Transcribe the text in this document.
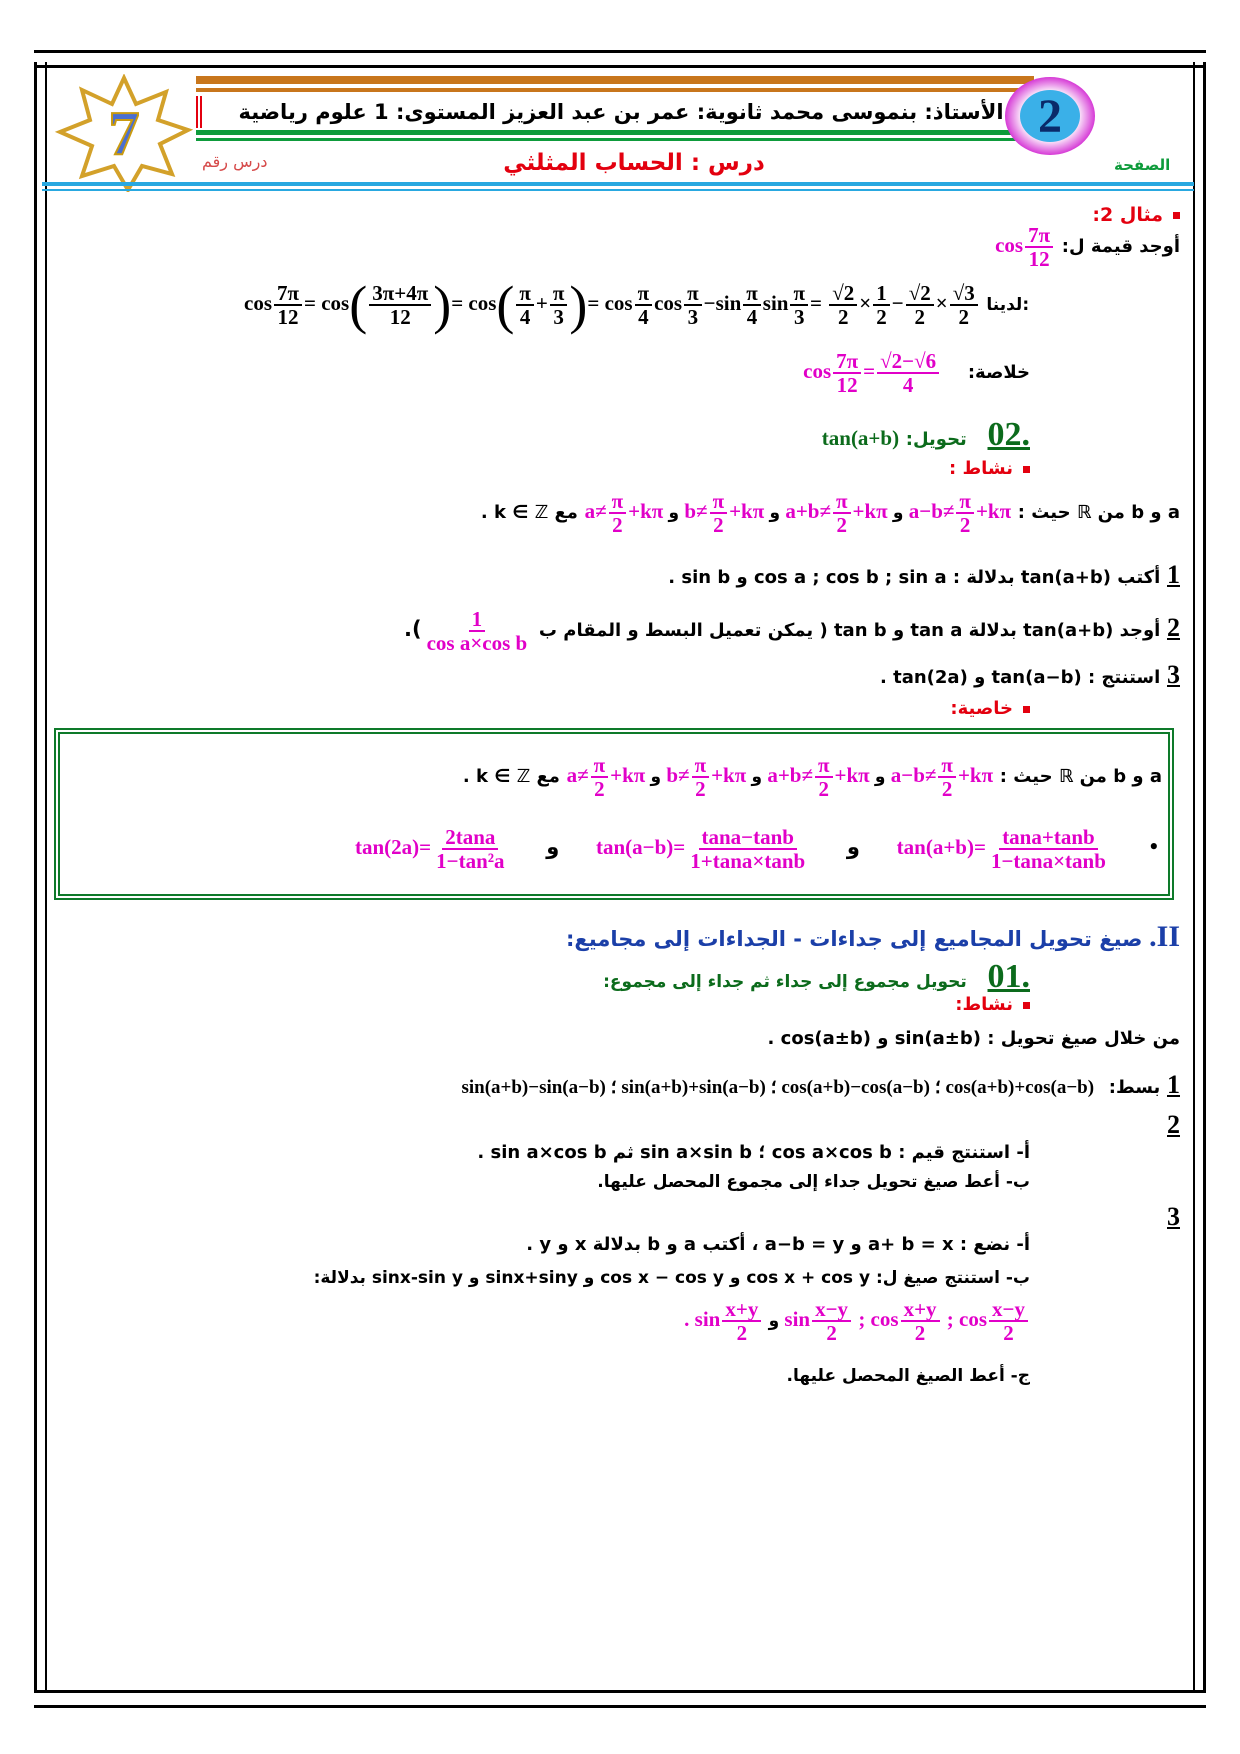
7	الأستاذ: بنموسى محمد ثانوية: عمر بن عبد العزيز المستوى: 1 علوم رياضية 2
الصفحة
درس رقم	درس : الحساب المثلثي
مثال 2:
أوجد قيمة ل: $\cos \frac{7\pi}{12}$
$\cos \frac{7\pi}{12} = \cos( \frac{3\pi+4\pi}{12}$ )= $\cos( \frac{\pi}{4} + \frac{\pi}{3}$ )= $\cos \frac{\pi}{4}$ $\cos \frac{\pi}{3} -\sin \frac{\pi}{4}$ $\sin \frac{\pi}{3} = \frac{√2}{2} \times \frac{1}{2} - \frac{√2}{2} \times \frac{√3}{2}$ لدينا:
خلاصة: $\cos \frac{7\pi}{12} = \frac{√2-√6}{4}$
.02 تحويل: tan(a+b)
نشاط :
a و b من ℝ حيث : $a\ne \frac{\pi}{2} +k\pi$ و $b\ne \frac{\pi}{2} +k\pi$ و $a+b\ne \frac{\pi}{2} +k\pi$ و $a-b\ne \frac{\pi}{2} +k\pi$ مع k ∈ ℤ .
1 أكتب tan(a+b) بدلالة : cos a ; cos b ; sin a و sin b .
2 أوجد tan(a+b) بدلالة tan a و tan b ( يمكن تعميل البسط و المقام ب
$\frac{1}{\text{cos a×cos b}}$
).
3 استنتج : tan(a−b) و tan(2a) .
خاصية:
a و b من ℝ حيث : $a\ne \frac{\pi}{2} +k\pi$ و $b\ne \frac{\pi}{2} +k\pi$ و $a+b\ne \frac{\pi}{2} +k\pi$ و $a-b\ne \frac{\pi}{2} +k\pi$ مع k ∈ ℤ .
$\tan(2a)= \frac{2\tan a}{\text{1−tan²a}}$ و $\tan(a-b)= \frac{\tan a-\tan b}{1+\tan a\times\tan b}$ و $\tan(a+b)= \frac{\tan a+\tan b}{1-\tan a\times\tan b}$ •
II. صيغ تحويل المجاميع إلى جداءات - الجداءات إلى مجاميع:
.01 تحويل مجموع إلى جداء ثم جداء إلى مجموع:
نشاط:
من خلال صيغ تحويل : sin(a±b) و cos(a±b) .
1 بسط: cos(a+b)+cos(a−b) ؛ cos(a+b)−cos(a−b) ؛ sin(a+b)+sin(a−b) ؛ sin(a+b)−sin(a−b)
2
أ- استنتج قيم : cos a×cos b ؛ sin a×sin b ثم sin a×cos b .
ب- أعط صيغ تحويل جداء إلى مجموع المحصل عليها.
3
أ- نضع : a+ b = x و a−b = y ، أكتب a و b بدلالة x و y .
ب- استنتج صيغ ل: cos x + cos y و cos x − cos y و sinx+siny و sinx-sin y بدلالة:
. $\sin \frac{x+y}{2}$ و $\sin \frac{x-y}{2}$ ; $\cos \frac{x+y}{2}$ ; $\cos \frac{x-y}{2}$
ج- أعط الصيغ المحصل عليها.
